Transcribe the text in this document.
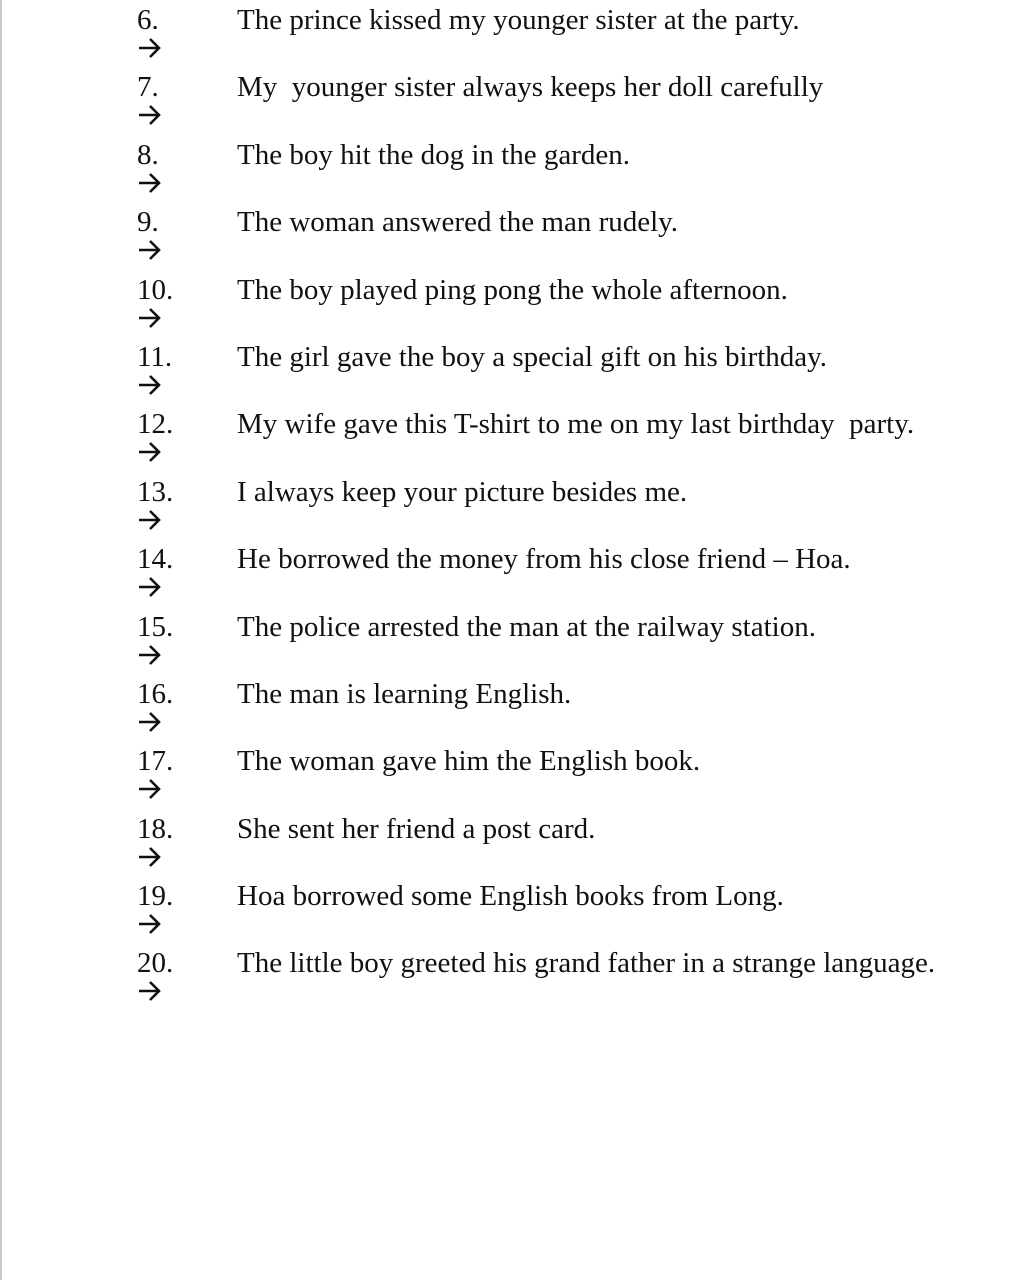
6.	The prince kissed my younger sister at the party.
7.	My  younger sister always keeps her doll carefully
8.	The boy hit the dog in the garden.
9.	The woman answered the man rudely.
10. The boy played ping pong the whole afternoon.
11. The girl gave the boy a special gift on his birthday.
12. My wife gave this T-shirt to me on my last birthday  party.
13. I always keep your picture besides me.
14. He borrowed the money from his close friend – Hoa.
15. The police arrested the man at the railway station.
16. The man is learning English.
17. The woman gave him the English book.
18. She sent her friend a post card.
19. Hoa borrowed some English books from Long.
20. The little boy greeted his grand father in a strange language.
